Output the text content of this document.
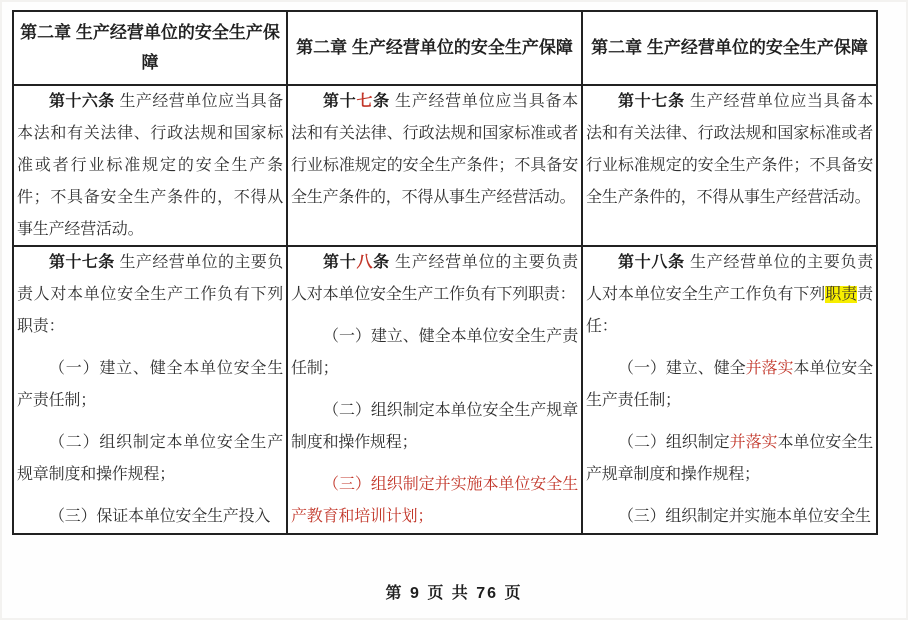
第二章 生产经营单位的安全生产保障
第二章 生产经营单位的安全生产保障	第二章 生产经营单位的安全生产保障

第十六条 生产经营单位应当具备本法和有关法律、行政法规和国家标准或者行业标准规定的安全生产条件；不具备安全生产条件的，不得从事生产经营活动。

第十七条 生产经营单位应当具备本法和有关法律、行政法规和国家标准或者行业标准规定的安全生产条件；不具备安全生产条件的，不得从事生产经营活动。

第十七条 生产经营单位应当具备本法和有关法律、行政法规和国家标准或者行业标准规定的安全生产条件；不具备安全生产条件的，不得从事生产经营活动。

第十七条 生产经营单位的主要负责人对本单位安全生产工作负有下列职责：

（一）建立、健全本单位安全生产责任制；

（二）组织制定本单位安全生产规章制度和操作规程；

（三）保证本单位安全生产投入

第十八条 生产经营单位的主要负责人对本单位安全生产工作负有下列职责：

（一）建立、健全本单位安全生产责任制；

（二）组织制定本单位安全生产规章制度和操作规程；

（三）组织制定并实施本单位安全生产教育和培训计划；

第十八条 生产经营单位的主要负责人对本单位安全生产工作负有下列职责责任：

（一）建立、健全并落实本单位安全生产责任制；

（二）组织制定并落实本单位安全生产规章制度和操作规程；

（三）组织制定并实施本单位安全生

第 9 页 共 76 页
